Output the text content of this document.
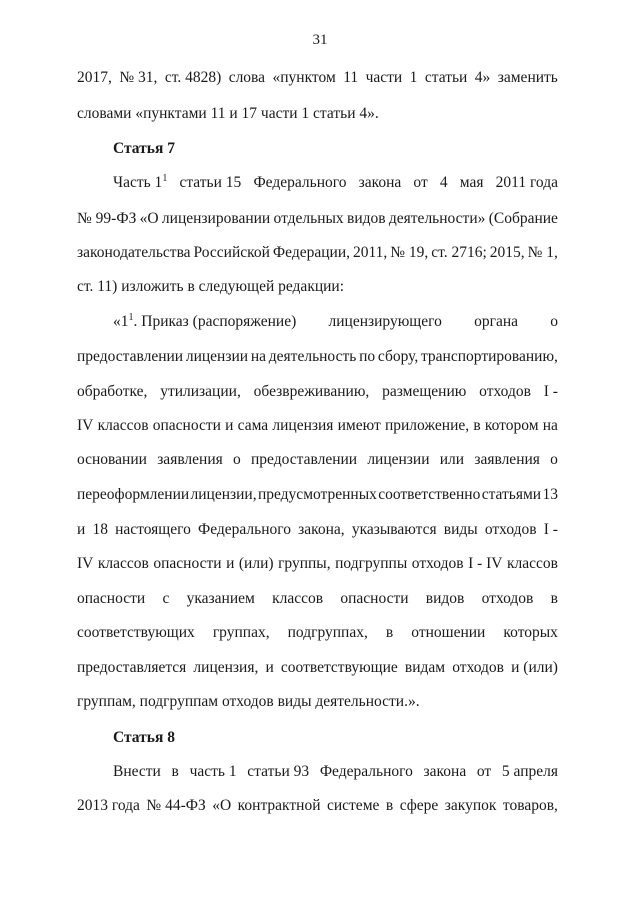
31
2017, № 31, ст. 4828) слова «пунктом 11 части 1 статьи 4» заменить
словами «пунктами 11 и 17 части 1 статьи 4».
Статья 7
Часть $1^1$ статьи 15 Федерального закона от 4 мая 2011 года
№ 99-ФЗ «О лицензировании отдельных видов деятельности» (Собрание
законодательства Российской Федерации, 2011, № 19, ст. 2716; 2015, № 1,
ст. 11) изложить в следующей редакции:
«$1^1$. Приказ (распоряжение) лицензирующего органа о
предоставлении лицензии на деятельность по сбору, транспортированию,
обработке, утилизации, обезвреживанию, размещению отходов I -
IV классов опасности и сама лицензия имеют приложение, в котором на
основании заявления о предоставлении лицензии или заявления о
переоформлении лицензии, предусмотренных соответственно статьями 13
и 18 настоящего Федерального закона, указываются виды отходов I -
IV классов опасности и (или) группы, подгруппы отходов I - IV классов
опасности с указанием классов опасности видов отходов в
соответствующих группах, подгруппах, в отношении которых
предоставляется лицензия, и соответствующие видам отходов и (или)
группам, подгруппам отходов виды деятельности.».
Статья 8
Внести в часть 1 статьи 93 Федерального закона от 5 апреля
2013 года № 44-ФЗ «О контрактной системе в сфере закупок товаров,
